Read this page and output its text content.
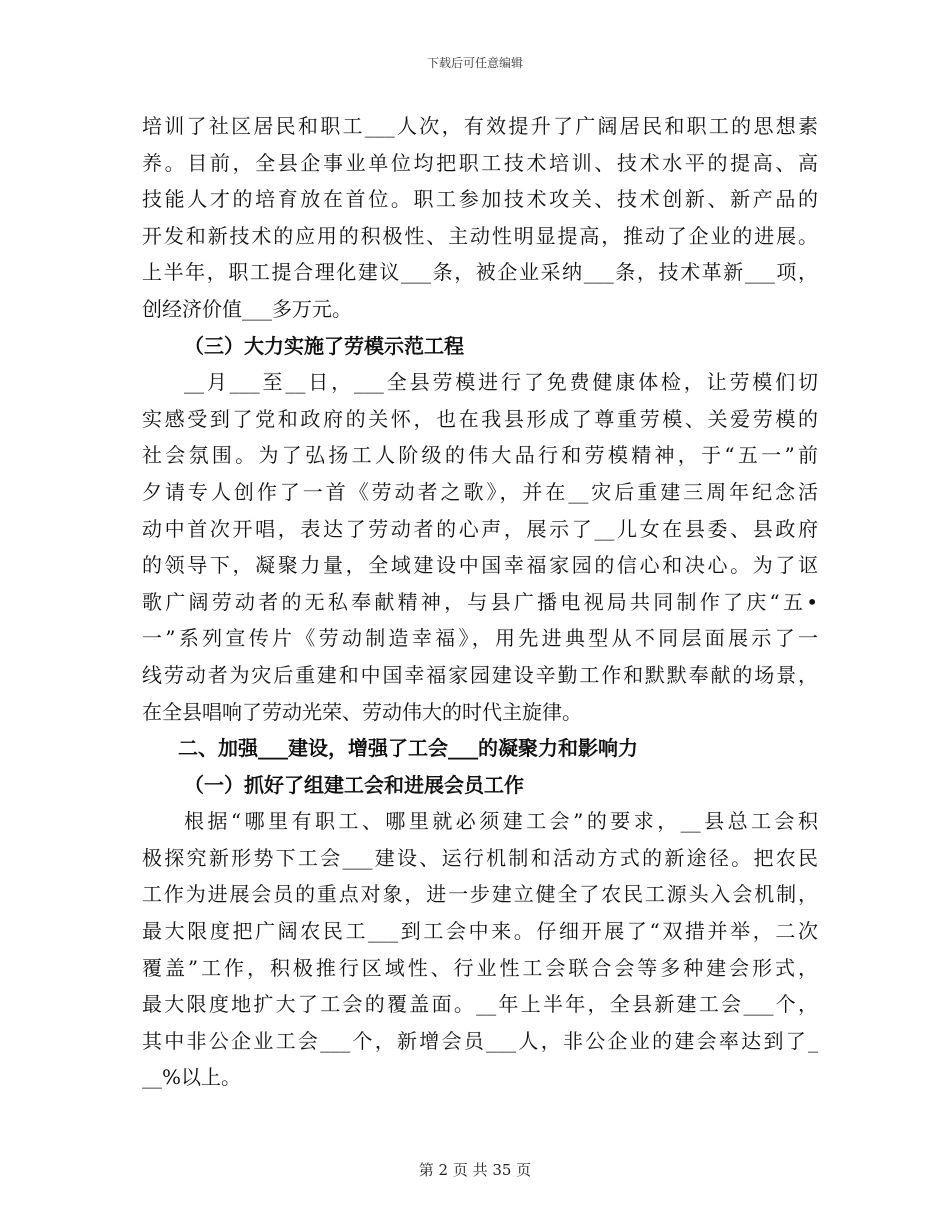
下载后可任意编辑
培训了社区居民和职工___人次，有效提升了广阔居民和职工的思想素
养。目前，全县企事业单位均把职工技术培训、技术水平的提高、高
技能人才的培育放在首位。职工参加技术攻关、技术创新、新产品的
开发和新技术的应用的积极性、主动性明显提高，推动了企业的进展。
上半年，职工提合理化建议___条，被企业采纳___条，技术革新___项，
创经济价值___多万元。
（三）大力实施了劳模示范工程
__月___至__日，___全县劳模进行了免费健康体检，让劳模们切
实感受到了党和政府的关怀，也在我县形成了尊重劳模、关爱劳模的
社会氛围。为了弘扬工人阶级的伟大品行和劳模精神，于“五一”前
夕请专人创作了一首《劳动者之歌》，并在__灾后重建三周年纪念活
动中首次开唱，表达了劳动者的心声，展示了__儿女在县委、县政府
的领导下，凝聚力量，全域建设中国幸福家园的信心和决心。为了讴
歌广阔劳动者的无私奉献精神，与县广播电视局共同制作了庆“五•
一”系列宣传片《劳动制造幸福》，用先进典型从不同层面展示了一
线劳动者为灾后重建和中国幸福家园建设辛勤工作和默默奉献的场景，
在全县唱响了劳动光荣、劳动伟大的时代主旋律。
二、加强___建设，增强了工会___的凝聚力和影响力
（一）抓好了组建工会和进展会员工作
根据“哪里有职工、哪里就必须建工会”的要求，__县总工会积
极探究新形势下工会___建设、运行机制和活动方式的新途径。把农民
工作为进展会员的重点对象，进一步建立健全了农民工源头入会机制，
最大限度把广阔农民工___到工会中来。仔细开展了“双措并举，二次
覆盖”工作，积极推行区域性、行业性工会联合会等多种建会形式，
最大限度地扩大了工会的覆盖面。__年上半年，全县新建工会___个，
其中非公企业工会___个，新增会员___人，非公企业的建会率达到了_
__%以上。
第 2 页 共 35 页
